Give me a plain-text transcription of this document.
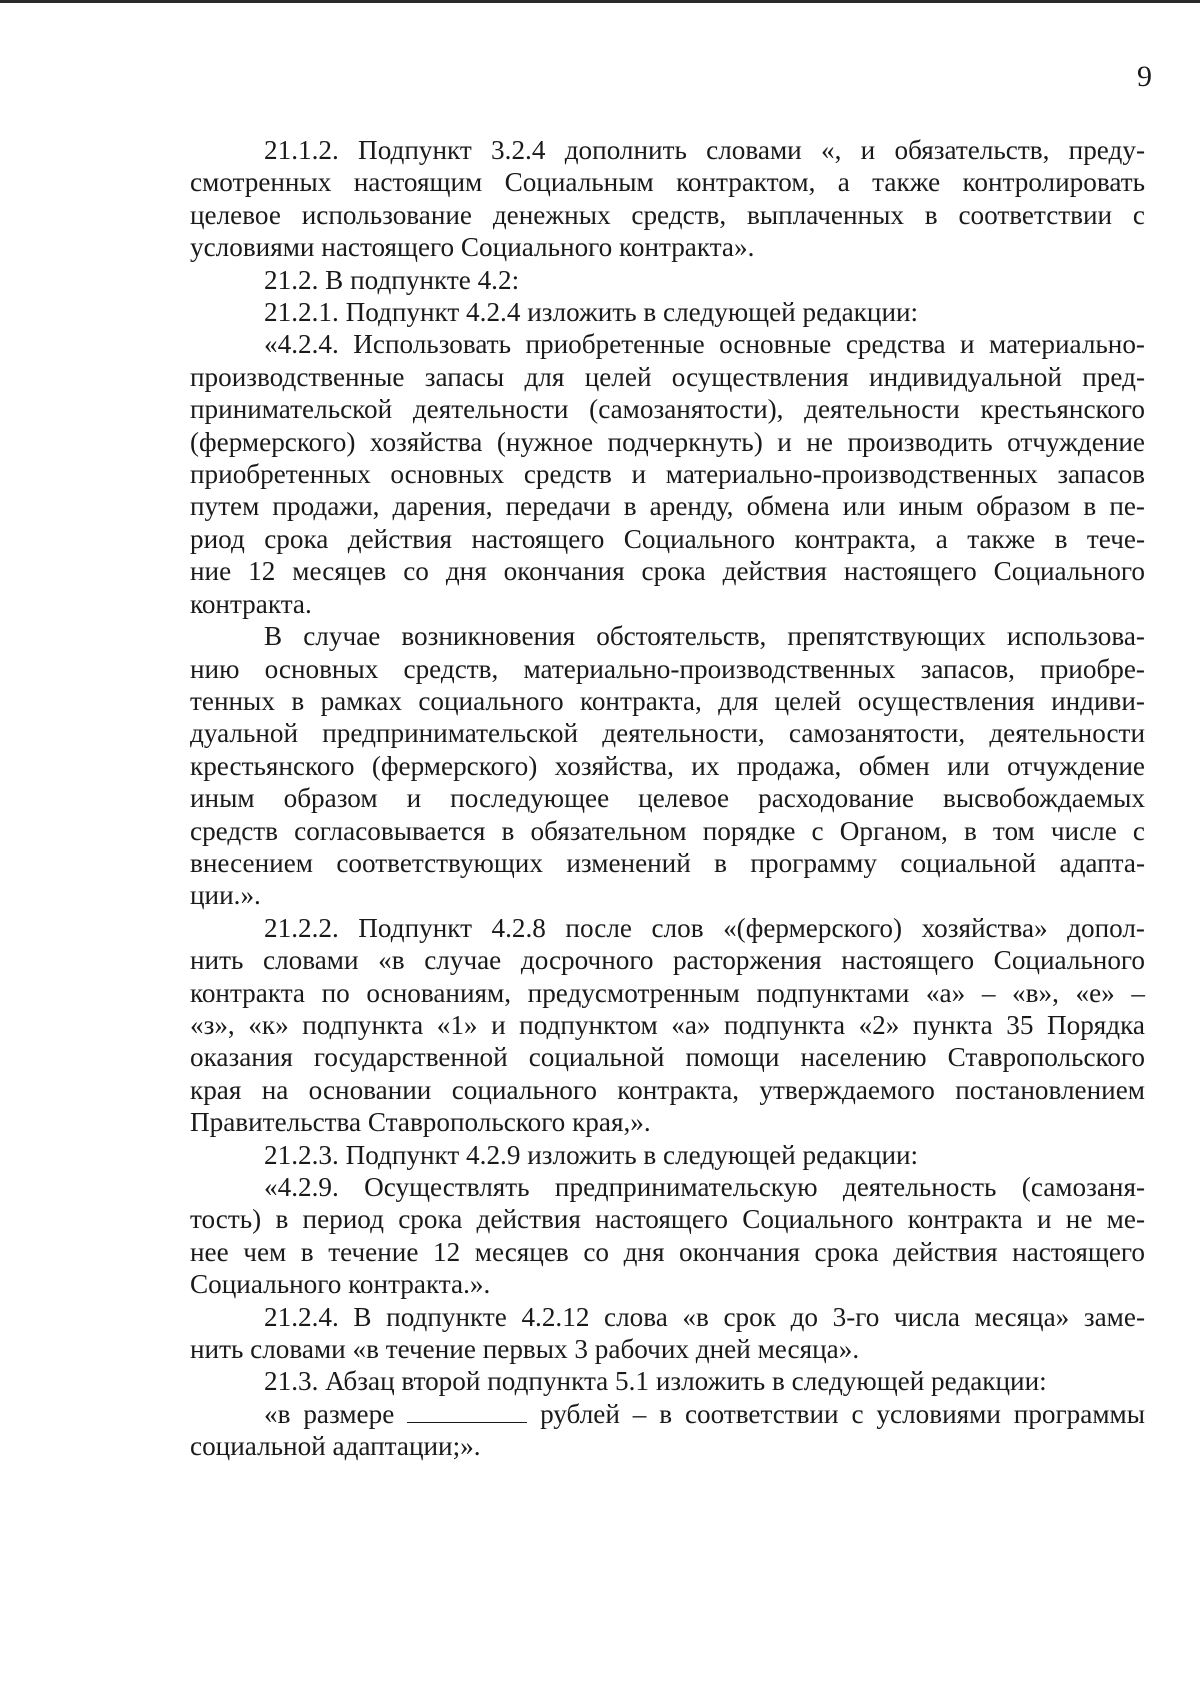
9
21.1.2. Подпункт 3.2.4 дополнить словами «, и обязательств, преду-
смотренных настоящим Социальным контрактом, а также контролировать
целевое использование денежных средств, выплаченных в соответствии с
условиями настоящего Социального контракта».
21.2. В подпункте 4.2:
21.2.1. Подпункт 4.2.4 изложить в следующей редакции:
«4.2.4. Использовать приобретенные основные средства и материально-
производственные запасы для целей осуществления индивидуальной пред-
принимательской деятельности (самозанятости), деятельности крестьянского
(фермерского) хозяйства (нужное подчеркнуть) и не производить отчуждение
приобретенных основных средств и материально-производственных запасов
путем продажи, дарения, передачи в аренду, обмена или иным образом в пе-
риод срока действия настоящего Социального контракта, а также в тече-
ние 12 месяцев со дня окончания срока действия настоящего Социального
контракта.
В случае возникновения обстоятельств, препятствующих использова-
нию основных средств, материально-производственных запасов, приобре-
тенных в рамках социального контракта, для целей осуществления индиви-
дуальной предпринимательской деятельности, самозанятости, деятельности
крестьянского (фермерского) хозяйства, их продажа, обмен или отчуждение
иным образом и последующее целевое расходование высвобождаемых
средств согласовывается в обязательном порядке с Органом, в том числе с
внесением соответствующих изменений в программу социальной адапта-
ции.».
21.2.2. Подпункт 4.2.8 после слов «(фермерского) хозяйства» допол-
нить словами «в случае досрочного расторжения настоящего Социального
контракта по основаниям, предусмотренным подпунктами «а» – «в», «е» –
«з», «к» подпункта «1» и подпунктом «а» подпункта «2» пункта 35 Порядка
оказания государственной социальной помощи населению Ставропольского
края на основании социального контракта, утверждаемого постановлением
Правительства Ставропольского края,».
21.2.3. Подпункт 4.2.9 изложить в следующей редакции:
«4.2.9. Осуществлять предпринимательскую деятельность (самозаня-
тость) в период срока действия настоящего Социального контракта и не ме-
нее чем в течение 12 месяцев со дня окончания срока действия настоящего
Социального контракта.».
21.2.4. В подпункте 4.2.12 слова «в срок до 3-го числа месяца» заме-
нить словами «в течение первых 3 рабочих дней месяца».
21.3. Абзац второй подпункта 5.1 изложить в следующей редакции:
«в размере	рублей – в соответствии с условиями программы
социальной адаптации;».
